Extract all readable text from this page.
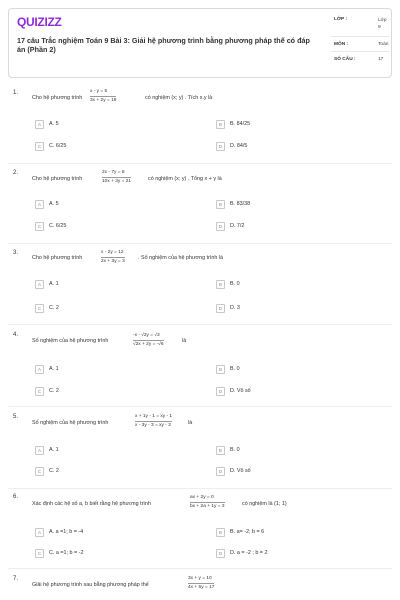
QUIZIZZ
17 câu Trắc nghiệm Toán 9 Bài 3: Giải hệ phương trình bằng phương pháp thế có đáp án (Phần 2)
LỚP :	Lớp 9
MÔN :	Toán
SỐ CÂU :	17
1.
Cho hệ phương trình
x - y = 5
3x + 2y = 18	có nghiệm (x; y) . Tích x.y là
A	A. 5	B	B. 84/25
C	C. 6/25	D	D. 84/5
2.
Cho hệ phương trình
2x - 7y = 8
10x + 3y = 21	có nghiệm (x; y) . Tổng x + y là
A	A. 5	B	B. 83/38
C	C. 6/25	D	D. 7/2
3.
Cho hệ phương trình
x - 2y = 12
2x + 3y = 3
. Số nghiệm của hệ phương trình là
A	A. 1	B	B. 0
C	C. 2	D	D. 3
4.
Số nghiệm của hệ phương trình
-x - √2y = √3
√2x + 2y = -√6
là
A	A. 1	B	B. 0
C	C. 2	D	D. Vô số
5.
Số nghiệm của hệ phương trình
x + 1y - 1 = xy - 1
x - 3y - 3 = xy - 3	là
A	A. 1	B	B. 0
C	C. 2	D	D. Vô số
6.
Xác định các hệ số a, b biết rằng hệ phương trình
ax + 2y = 0
bx + 2a + 1y = 3	có nghiệm là (1; 1)
A	A. a =1; b = -4	B	B. a= -2; b = 6
C	C. a =1; b = -2	D	D. a = -2 ; b = 2
7.
Giải hệ phương trình sau bằng phương pháp thế
3x + y = 10
4x + 5y = 17
